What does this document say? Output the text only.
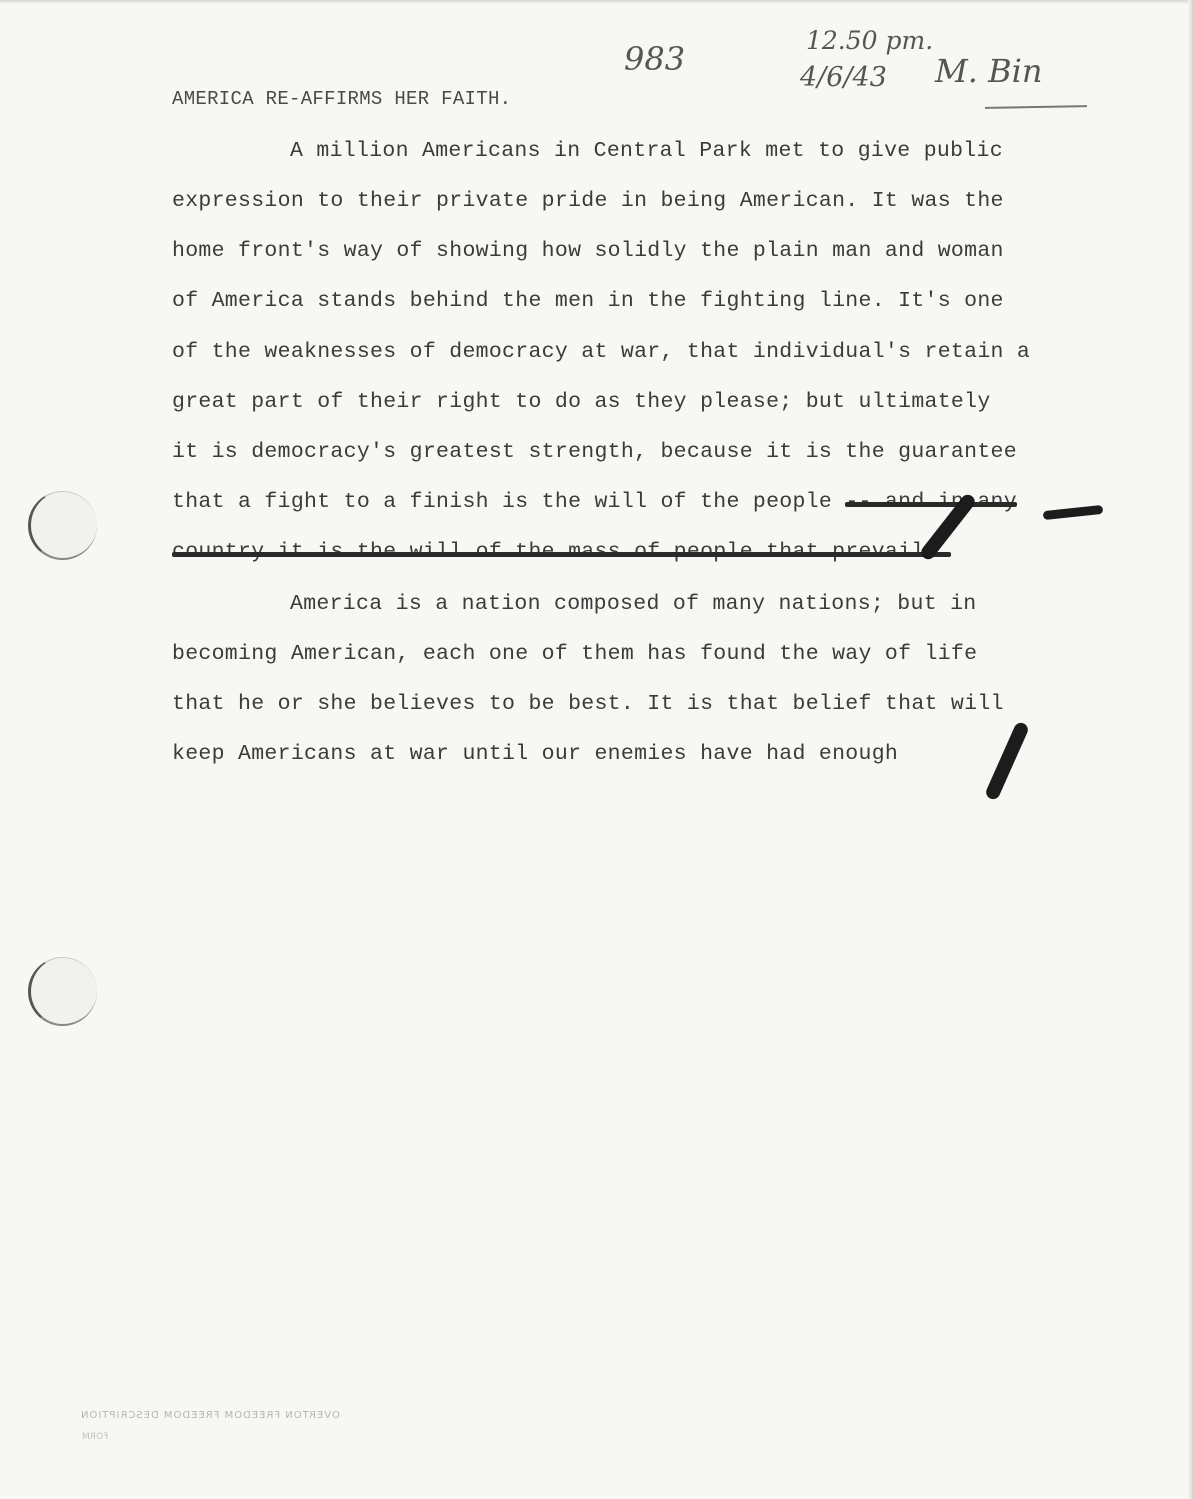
983	12.50 pm.
4/6/43 M. Bin
AMERICA RE-AFFIRMS HER FAITH.
A million Americans in Central Park met to give public
expression to their private pride in being American. It was the
home front's way of showing how solidly the plain man and woman
of America stands behind the men in the fighting line. It's one
of the weaknesses of democracy at war, that individual's retain a
great part of their right to do as they please; but ultimately
it is democracy's greatest strength, because it is the guarantee
that a fight to a finish is the will of the people
America is a nation composed of many nations; but in
becoming American, each one of them has found the way of life
that he or she believes to be best. It is that belief that will
keep Americans at war until our enemies have had enough
OVERTON FREEDOM FREEDOM DESCRIPTION
FORM
